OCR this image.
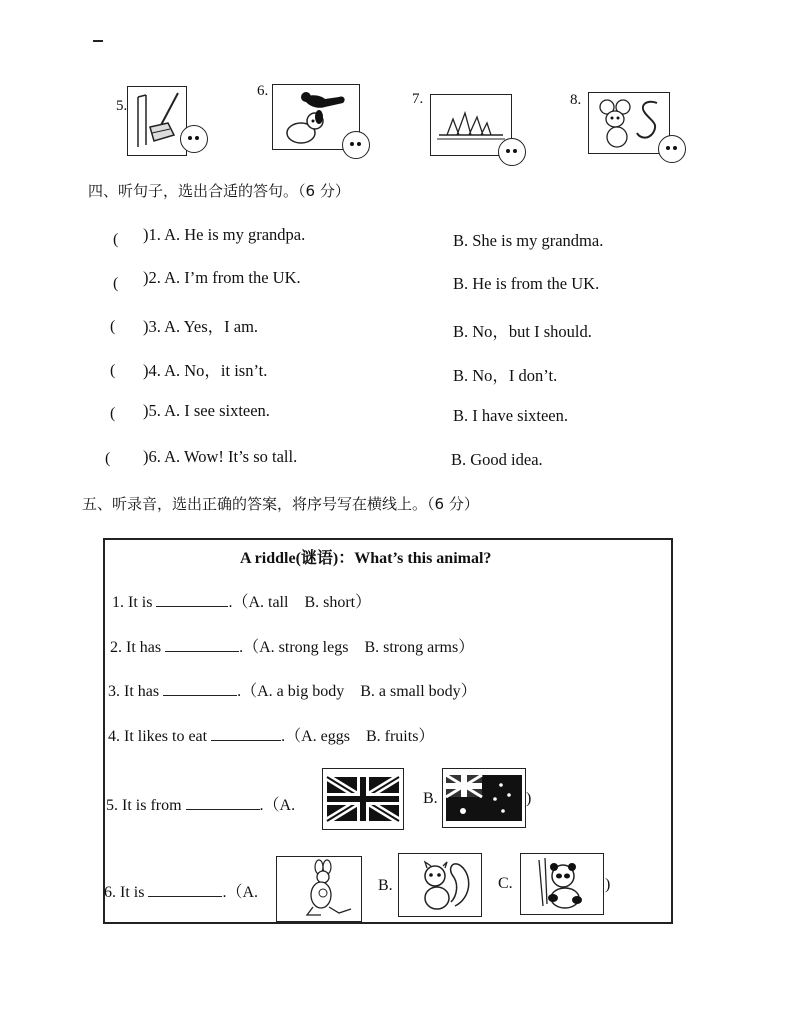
5.
6.	7.	8.
四、听句子，选出合适的答句。（6 分）
( )1. A. He is my grandpa.	B. She is my grandma.
( )2. A. I’m from the UK.	B. He is from the UK.
( )3. A. Yes，I am.	B. No，but I should.
( )4. A. No，it isn’t.	B. No，I don’t.
( )5. A. I see sixteen.	B. I have sixteen.
( )6. A. Wow! It’s so tall.	B. Good idea.
五、听录音，选出正确的答案，将序号写在横线上。（6 分）
A riddle(谜语)：What’s this animal?
1. It is	.（A. tall　B. short）
2. It has	.（A. strong legs　B. strong arms）
3. It has	.（A. a big body　B. a small body）
4. It likes to eat	.（A. eggs　B. fruits）
5. It is from	.（A.	B.	)
6. It is	.（A.	B.	C.	)
